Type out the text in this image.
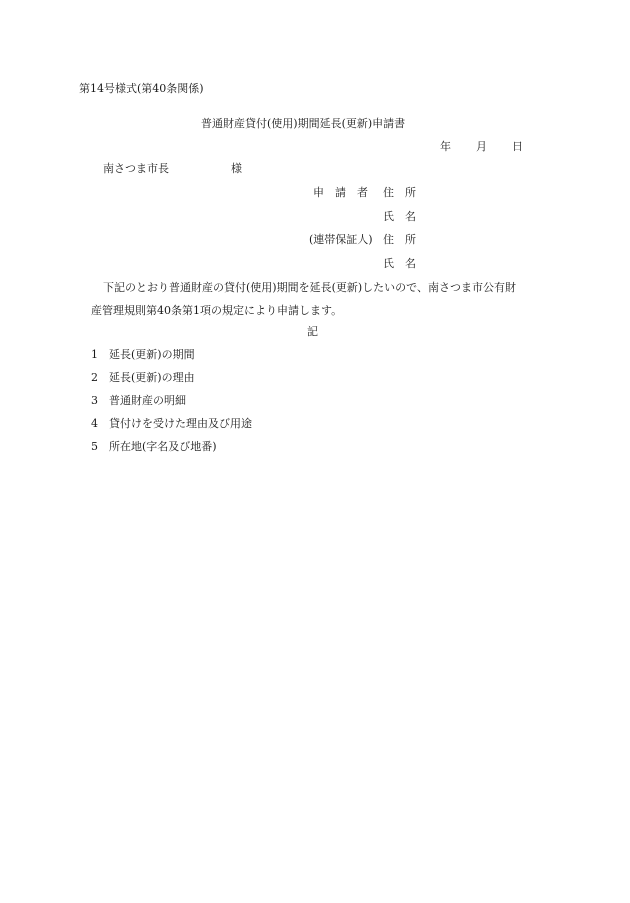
第14号様式(第40条関係)
普通財産貸付(使用)期間延長(更新)申請書
年 月 日
南さつま市長	様
申　請　者 住　所
氏　名
(連帯保証人) 住　所
氏　名
下記のとおり普通財産の貸付(使用)期間を延長(更新)したいので、南さつま市公有財
産管理規則第40条第1項の規定により申請します。
記
1 延長(更新)の期間
2 延長(更新)の理由
3 普通財産の明細
4 貸付けを受けた理由及び用途
5 所在地(字名及び地番)
